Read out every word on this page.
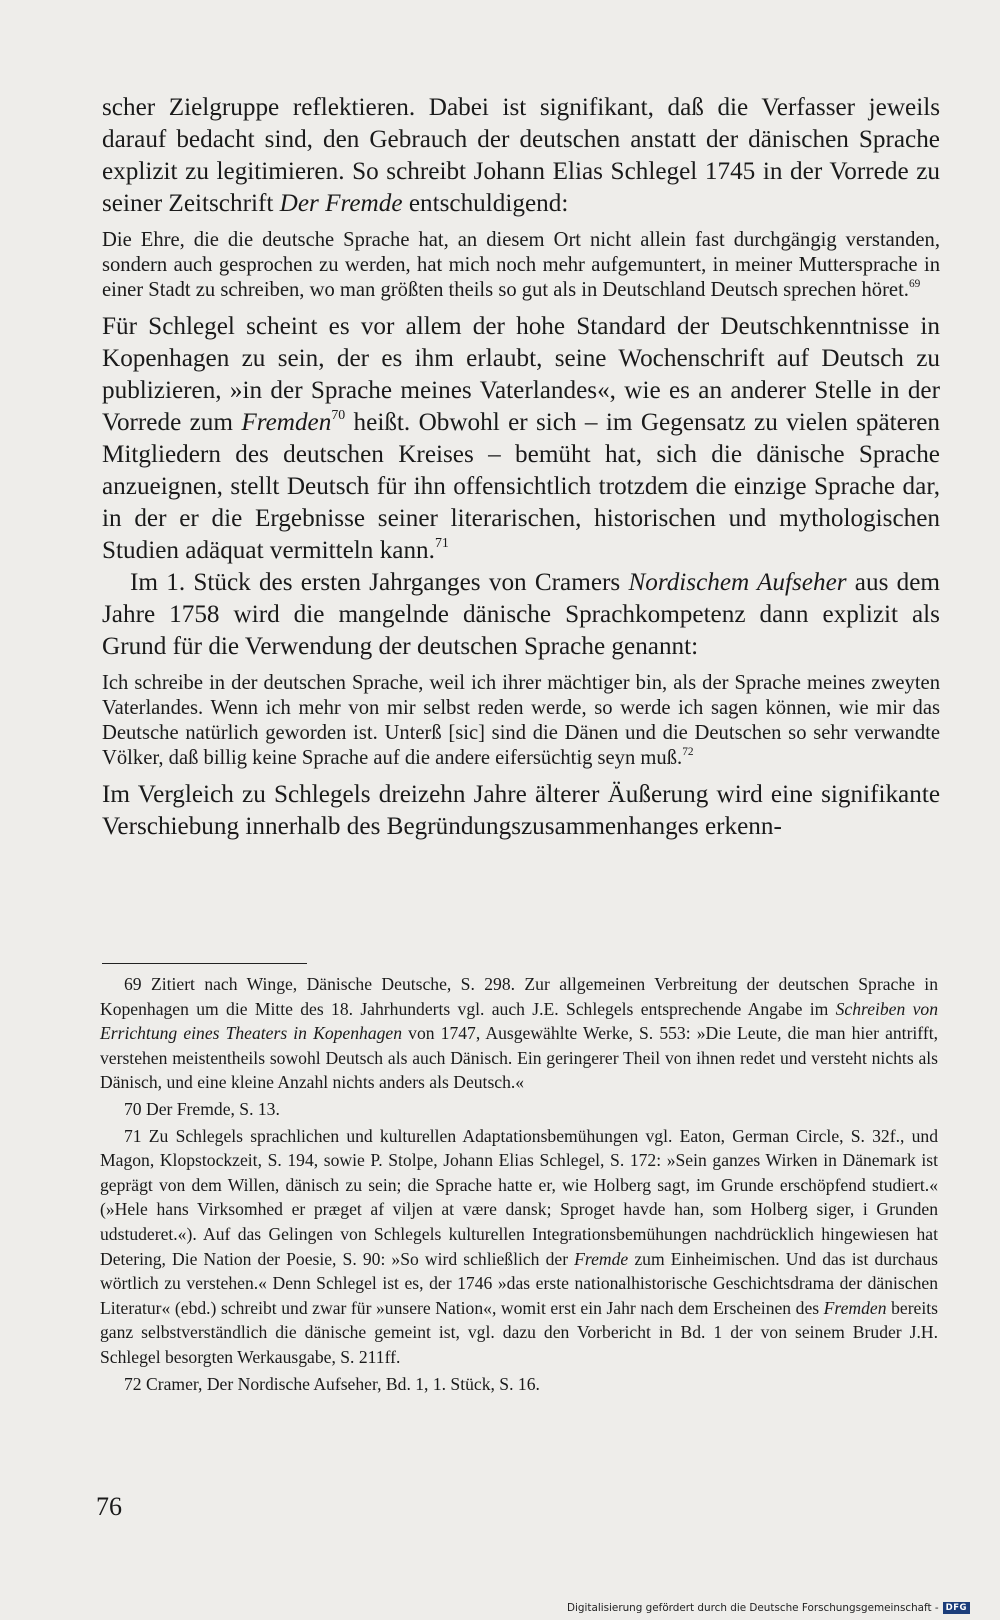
scher Zielgruppe reflektieren. Dabei ist signifikant, daß die Verfasser jeweils darauf bedacht sind, den Gebrauch der deutschen anstatt der dänischen Sprache explizit zu legitimieren. So schreibt Johann Elias Schlegel 1745 in der Vorrede zu seiner Zeitschrift Der Fremde entschuldigend:

Die Ehre, die die deutsche Sprache hat, an diesem Ort nicht allein fast durchgängig verstanden, sondern auch gesprochen zu werden, hat mich noch mehr aufgemuntert, in meiner Muttersprache in einer Stadt zu schreiben, wo man größten theils so gut als in Deutschland Deutsch sprechen höret.$^{69}$

Für Schlegel scheint es vor allem der hohe Standard der Deutschkenntnisse in Kopenhagen zu sein, der es ihm erlaubt, seine Wochenschrift auf Deutsch zu publizieren, »in der Sprache meines Vaterlandes«, wie es an anderer Stelle in der Vorrede zum Fremden$^{70}$ heißt. Obwohl er sich – im Gegensatz zu vielen späteren Mitgliedern des deutschen Kreises – bemüht hat, sich die dänische Sprache anzueignen, stellt Deutsch für ihn offensichtlich trotzdem die einzige Sprache dar, in der er die Ergebnisse seiner literarischen, historischen und mythologischen Studien adäquat vermitteln kann.$^{71}$

Im 1. Stück des ersten Jahrganges von Cramers Nordischem Aufseher aus dem Jahre 1758 wird die mangelnde dänische Sprachkompetenz dann explizit als Grund für die Verwendung der deutschen Sprache genannt:

Ich schreibe in der deutschen Sprache, weil ich ihrer mächtiger bin, als der Sprache meines zweyten Vaterlandes. Wenn ich mehr von mir selbst reden werde, so werde ich sagen können, wie mir das Deutsche natürlich geworden ist. Unterß [sic] sind die Dänen und die Deutschen so sehr verwandte Völker, daß billig keine Sprache auf die andere eifersüchtig seyn muß.$^{72}$

Im Vergleich zu Schlegels dreizehn Jahre älterer Äußerung wird eine signifikante Verschiebung innerhalb des Begründungszusammenhanges erkenn-

69 Zitiert nach Winge, Dänische Deutsche, S. 298. Zur allgemeinen Verbreitung der deutschen Sprache in Kopenhagen um die Mitte des 18. Jahrhunderts vgl. auch J.E. Schlegels entsprechende Angabe im Schreiben von Errichtung eines Theaters in Kopenhagen von 1747, Ausgewählte Werke, S. 553: »Die Leute, die man hier antrifft, verstehen meistentheils sowohl Deutsch als auch Dänisch. Ein geringerer Theil von ihnen redet und versteht nichts als Dänisch, und eine kleine Anzahl nichts anders als Deutsch.«

70 Der Fremde, S. 13.

71 Zu Schlegels sprachlichen und kulturellen Adaptationsbemühungen vgl. Eaton, German Circle, S. 32f., und Magon, Klopstockzeit, S. 194, sowie P. Stolpe, Johann Elias Schlegel, S. 172: »Sein ganzes Wirken in Dänemark ist geprägt von dem Willen, dänisch zu sein; die Sprache hatte er, wie Holberg sagt, im Grunde erschöpfend studiert.« (»Hele hans Virksomhed er præget af viljen at være dansk; Sproget havde han, som Holberg siger, i Grunden udstuderet.«). Auf das Gelingen von Schlegels kulturellen Integrationsbemühungen nachdrücklich hingewiesen hat Detering, Die Nation der Poesie, S. 90: »So wird schließlich der Fremde zum Einheimischen. Und das ist durchaus wörtlich zu verstehen.« Denn Schlegel ist es, der 1746 »das erste nationalhistorische Geschichtsdrama der dänischen Literatur« (ebd.) schreibt und zwar für »unsere Nation«, womit erst ein Jahr nach dem Erscheinen des Fremden bereits ganz selbstverständlich die dänische gemeint ist, vgl. dazu den Vorbericht in Bd. 1 der von seinem Bruder J.H. Schlegel besorgten Werkausgabe, S. 211ff.

72 Cramer, Der Nordische Aufseher, Bd. 1, 1. Stück, S. 16.

76
Digitalisierung gefördert durch die Deutsche Forschungsgemeinschaft - DFG
